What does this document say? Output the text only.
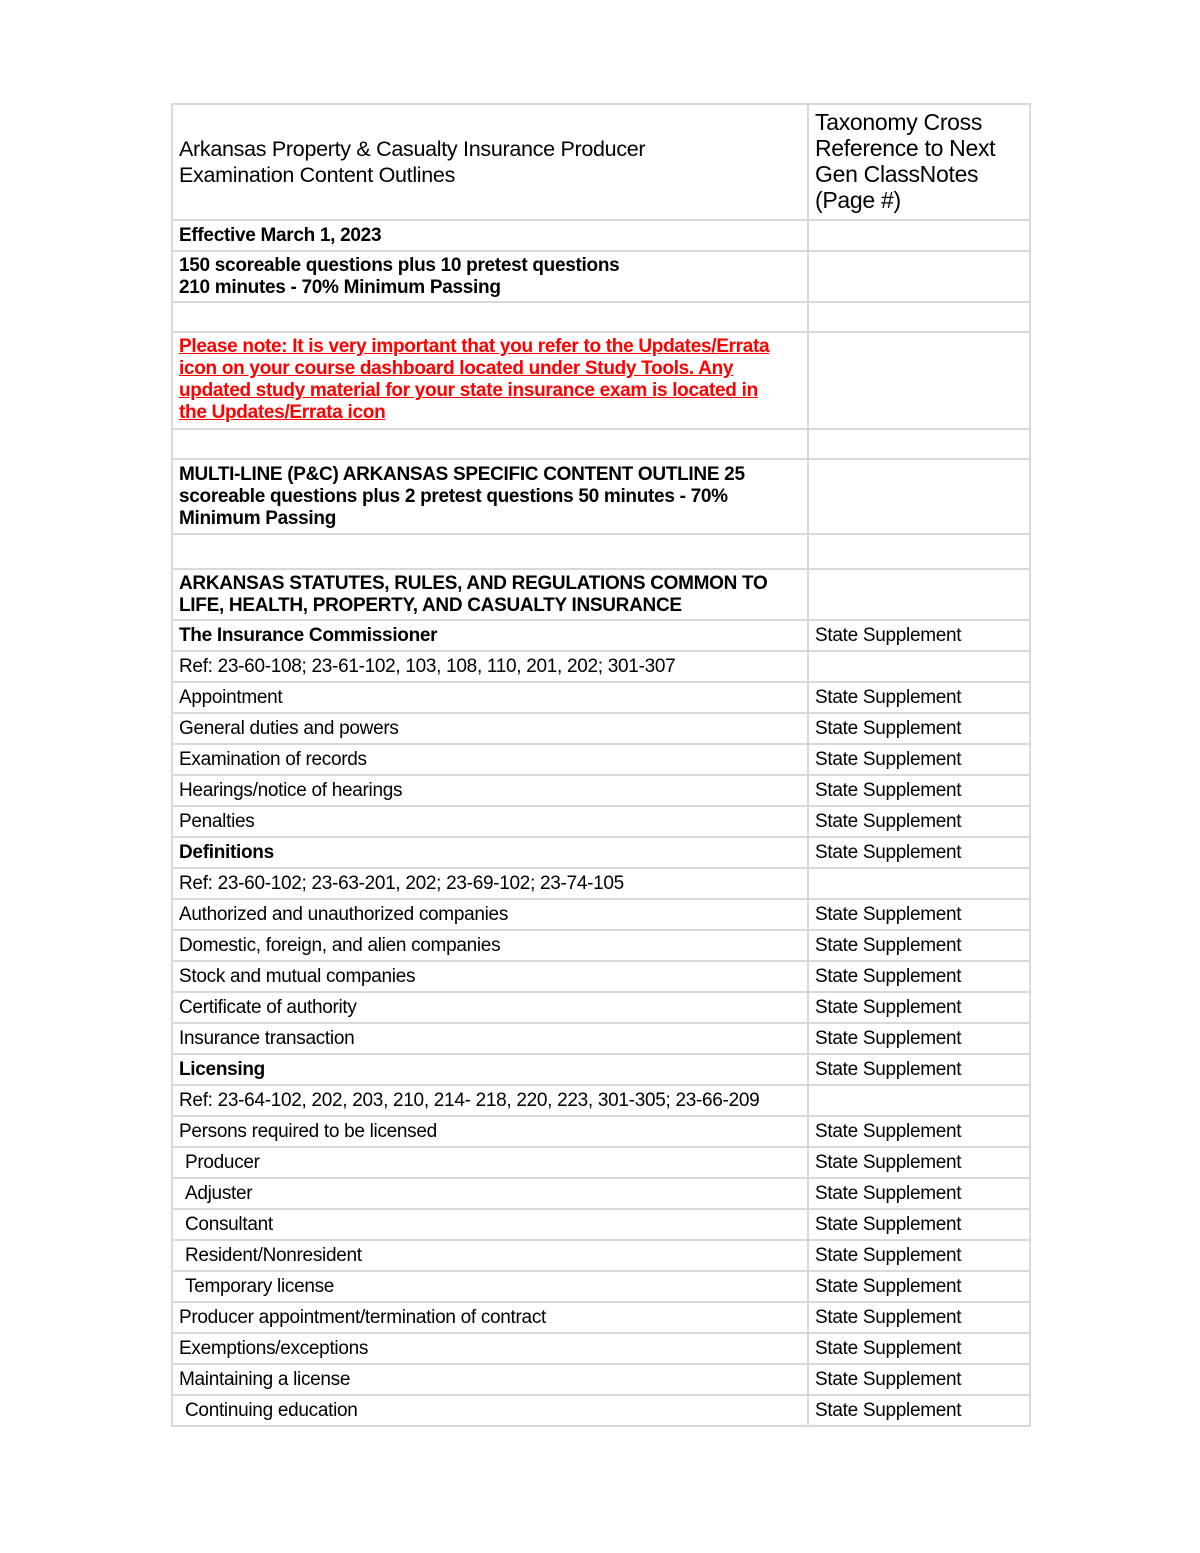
Arkansas Property & Casualty Insurance Producer
Examination Content Outlines	Taxonomy Cross
Reference to Next
Gen ClassNotes
(Page #)

Effective March 1, 2023	

150 scoreable questions plus 10 pretest questions
210 minutes - 70% Minimum Passing	

Please note: It is very important that you refer to the Updates/Errata
icon on your course dashboard located under Study Tools. Any
updated study material for your state insurance exam is located in
the Updates/Errata icon	

MULTI-LINE (P&C) ARKANSAS SPECIFIC CONTENT OUTLINE 25
scoreable questions plus 2 pretest questions 50 minutes - 70%
Minimum Passing	

ARKANSAS STATUTES, RULES, AND REGULATIONS COMMON TO
LIFE, HEALTH, PROPERTY, AND CASUALTY INSURANCE	

The Insurance Commissioner	State Supplement
Ref: 23-60-108; 23-61-102, 103, 108, 110, 201, 202; 301-307	
Appointment	State Supplement
General duties and powers	State Supplement
Examination of records	State Supplement
Hearings/notice of hearings	State Supplement
Penalties	State Supplement
Definitions	State Supplement
Ref: 23-60-102; 23-63-201, 202; 23-69-102; 23-74-105	
Authorized and unauthorized companies	State Supplement
Domestic, foreign, and alien companies	State Supplement
Stock and mutual companies	State Supplement
Certificate of authority	State Supplement
Insurance transaction	State Supplement
Licensing	State Supplement
Ref: 23-64-102, 202, 203, 210, 214- 218, 220, 223, 301-305; 23-66-209	
Persons required to be licensed	State Supplement
Producer	State Supplement
Adjuster	State Supplement
Consultant	State Supplement
Resident/Nonresident	State Supplement
Temporary license	State Supplement
Producer appointment/termination of contract	State Supplement
Exemptions/exceptions	State Supplement
Maintaining a license	State Supplement
Continuing education	State Supplement
